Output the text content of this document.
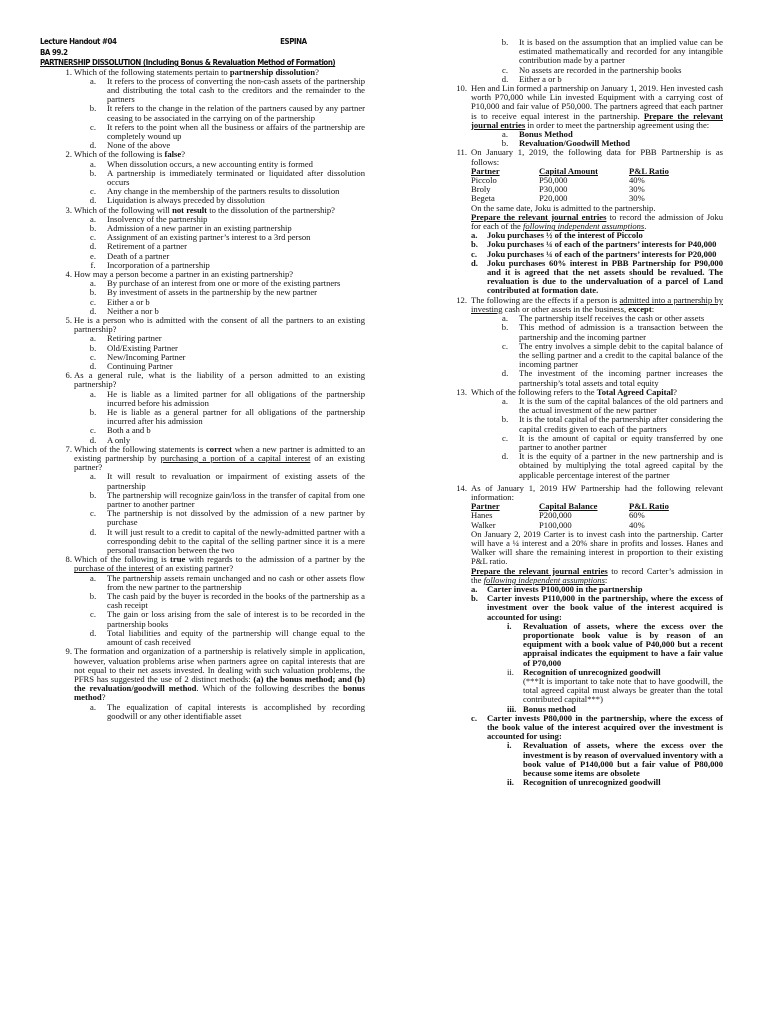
Lecture Handout #04	ESPINA
BA 99.2
PARTNERSHIP DISSOLUTION (Including Bonus & Revaluation Method of Formation)
1. Which of the following statements pertain to partnership dissolution?
a.	It refers to the process of converting the non-cash assets of the partnership and distributing the total cash to the creditors and the remainder to the partners
b.	It refers to the change in the relation of the partners caused by any partner ceasing to be associated in the carrying on of the partnership
c.	It refers to the point when all the business or affairs of the partnership are completely wound up
d.	None of the above
2. Which of the following is false?
a.	When dissolution occurs, a new accounting entity is formed
b.	A partnership is immediately terminated or liquidated after dissolution occurs
c.	Any change in the membership of the partners results to dissolution
d.	Liquidation is always preceded by dissolution
3. Which of the following will not result to the dissolution of the partnership?
a.	Insolvency of the partnership
b.	Admission of a new partner in an existing partnership
c.	Assignment of an existing partner’s interest to a 3rd person
d.	Retirement of a partner
e.	Death of a partner
f.	Incorporation of a partnership
4. How may a person become a partner in an existing partnership?
a.	By purchase of an interest from one or more of the existing partners
b.	By investment of assets in the partnership by the new partner
c.	Either a or b
d.	Neither a nor b
5. He is a person who is admitted with the consent of all the partners to an existing partnership?
a.	Retiring partner
b.	Old/Existing Partner
c.	New/Incoming Partner
d.	Continuing Partner
6. As a general rule, what is the liability of a person admitted to an existing partnership?
a.	He is liable as a limited partner for all obligations of the partnership incurred before his admission
b.	He is liable as a general partner for all obligations of the partnership incurred after his admission
c.	Both a and b
d.	A only
7. Which of the following statements is correct when a new partner is admitted to an existing partnership by purchasing a portion of a capital interest of an existing partner?
a.	It will result to revaluation or impairment of existing assets of the partnership
b.	The partnership will recognize gain/loss in the transfer of capital from one partner to another partner
c.	The partnership is not dissolved by the admission of a new partner by purchase
d.	It will just result to a credit to capital of the newly-admitted partner with a corresponding debit to the capital of the selling partner since it is a mere personal transaction between the two
8. Which of the following is true with regards to the admission of a partner by the purchase of the interest of an existing partner?
a.	The partnership assets remain unchanged and no cash or other assets flow from the new partner to the partnership
b.	The cash paid by the buyer is recorded in the books of the partnership as a cash receipt
c.	The gain or loss arising from the sale of interest is to be recorded in the partnership books
d.	Total liabilities and equity of the partnership will change equal to the amount of cash received
9. The formation and organization of a partnership is relatively simple in application, however, valuation problems arise when partners agree on capital interests that are not equal to their net assets invested. In dealing with such valuation problems, the PFRS has suggested the use of 2 distinct methods: (a) the bonus method; and (b) the revaluation/goodwill method. Which of the following describes the bonus method?
a.	The equalization of capital interests is accomplished by recording goodwill or any other identifiable asset
b.	It is based on the assumption that an implied value can be estimated mathematically and recorded for any intangible contribution made by a partner
c.	No assets are recorded in the partnership books
d.	Either a or b
10. Hen and Lin formed a partnership on January 1, 2019. Hen invested cash worth P70,000 while Lin invested Equipment with a carrying cost of P10,000 and fair value of P50,000. The partners agreed that each partner is to receive equal interest in the partnership. Prepare the relevant journal entries in order to meet the partnership agreement using the:
a.	Bonus Method
b.	Revaluation/Goodwill Method
11. On January 1, 2019, the following data for PBB Partnership is as follows:
Partner	Capital Amount	P&L Ratio
Piccolo	P50,000	40%
Broly	P30,000	30%
Begeta	P20,000	30%
On the same date, Joku is admitted to the partnership.
Prepare the relevant journal entries to record the admission of Joku for each of the following independent assumptions.
a. Joku purchases ½ of the interest of Piccolo
b. Joku purchases ¼ of each of the partners’ interests for P40,000
c. Joku purchases ¼ of each of the partners’ interests for P20,000
d. Joku purchases 60% interest in PBB Partnership for P90,000 and it is agreed that the net assets should be revalued. The revaluation is due to the undervaluation of a parcel of Land contributed at formation date.
12. The following are the effects if a person is admitted into a partnership by investing cash or other assets in the business, except:
a.	The partnership itself receives the cash or other assets
b.	This method of admission is a transaction between the partnership and the incoming partner
c.	The entry involves a simple debit to the capital balance of the selling partner and a credit to the capital balance of the incoming partner
d.	The investment of the incoming partner increases the partnership’s total assets and total equity
13. Which of the following refers to the Total Agreed Capital?
a.	It is the sum of the capital balances of the old partners and the actual investment of the new partner
b.	It is the total capital of the partnership after considering the capital credits given to each of the partners
c.	It is the amount of capital or equity transferred by one partner to another partner
d.	It is the equity of a partner in the new partnership and is obtained by multiplying the total agreed capital by the applicable percentage interest of the partner
14. As of January 1, 2019 HW Partnership had the following relevant information:
Partner	Capital Balance	P&L Ratio
Hanes	P200,000	60%
Walker	P100,000	40%
On January 2, 2019 Carter is to invest cash into the partnership. Carter will have a ¼ interest and a 20% share in profits and losses. Hanes and Walker will share the remaining interest in proportion to their existing P&L ratio.
Prepare the relevant journal entries to record Carter’s admission in the following independent assumptions:
a. Carter invests P100,000 in the partnership
b. Carter invests P110,000 in the partnership, where the excess of investment over the book value of the interest acquired is accounted for using:
i. Revaluation of assets, where the excess over the proportionate book value is by reason of an equipment with a book value of P40,000 but a recent appraisal indicates the equipment to have a fair value of P70,000
ii. Recognition of unrecognized goodwill
(***It is important to take note that to have goodwill, the total agreed capital must always be greater than the total contributed capital***)
iii. Bonus method
c. Carter invests P80,000 in the partnership, where the excess of the book value of the interest acquired over the investment is accounted for using:
i. Revaluation of assets, where the excess over the investment is by reason of overvalued inventory with a book value of P140,000 but a fair value of P80,000 because some items are obsolete
ii. Recognition of unrecognized goodwill
